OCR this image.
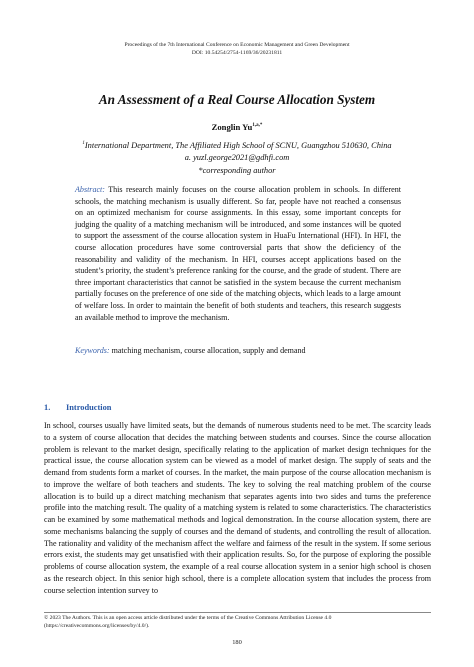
Proceedings of the 7th International Conference on Economic Management and Green Development
DOI: 10.54254/2754-1169/36/20231811
An Assessment of a Real Course Allocation System
Zonglin $Yu^{1,a,*}$
$^1$International Department, The Affiliated High School of SCNU, Guangzhou 510630, China
a. yuzl.george2021@gdhfi.com
*corresponding author
Abstract: This research mainly focuses on the course allocation problem in schools. In different schools, the matching mechanism is usually different. So far, people have not reached a consensus on an optimized mechanism for course assignments. In this essay, some important concepts for judging the quality of a matching mechanism will be introduced, and some instances will be quoted to support the assessment of the course allocation system in HuaFu International (HFI). In HFI, the course allocation procedures have some controversial parts that show the deficiency of the reasonability and validity of the mechanism. In HFI, courses accept applications based on the student’s priority, the student’s preference ranking for the course, and the grade of student. There are three important characteristics that cannot be satisfied in the system because the current mechanism partially focuses on the preference of one side of the matching objects, which leads to a large amount of welfare loss. In order to maintain the benefit of both students and teachers, this research suggests an available method to improve the mechanism.
Keywords: matching mechanism, course allocation, supply and demand
1. Introduction
In school, courses usually have limited seats, but the demands of numerous students need to be met. The scarcity leads to a system of course allocation that decides the matching between students and courses. Since the course allocation problem is relevant to the market design, specifically relating to the application of market design techniques for the practical issue, the course allocation system can be viewed as a model of market design. The supply of seats and the demand from students form a market of courses. In the market, the main purpose of the course allocation mechanism is to improve the welfare of both teachers and students. The key to solving the real matching problem of the course allocation is to build up a direct matching mechanism that separates agents into two sides and turns the preference profile into the matching result. The quality of a matching system is related to some characteristics. The characteristics can be examined by some mathematical methods and logical demonstration. In the course allocation system, there are some mechanisms balancing the supply of courses and the demand of students, and controlling the result of allocation. The rationality and validity of the mechanism affect the welfare and fairness of the result in the system. If some serious errors exist, the students may get unsatisfied with their application results. So, for the purpose of exploring the possible problems of course allocation system, the example of a real course allocation system in a senior high school is chosen as the research object. In this senior high school, there is a complete allocation system that includes the process from course selection intention survey to
© 2023 The Authors. This is an open access article distributed under the terms of the Creative Commons Attribution License 4.0
(https://creativecommons.org/licenses/by/4.0/).
180
